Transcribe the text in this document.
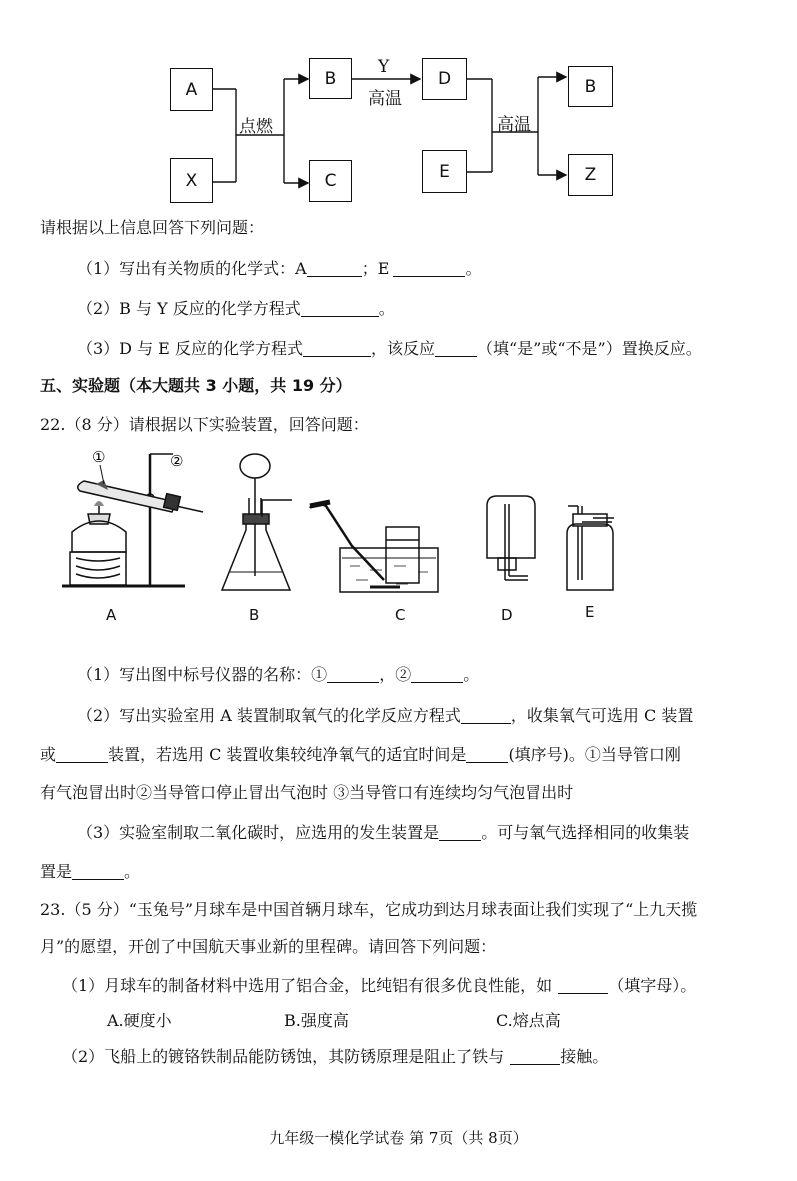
A
X
B
C
D
E
B
Z
点燃
Y
高温
高温
请根据以上信息回答下列问题：
（1）写出有关物质的化学式：A	；E	。
（2）B 与 Y 反应的化学方程式	。
（3）D 与 E 反应的化学方程式	，该反应	（填“是”或“不是”）置换反应。
五、实验题（本大题共 3 小题，共 19 分）
22.（8 分）请根据以下实验装置，回答问题：
①	②
A	B	C	D	E
（1）写出图中标号仪器的名称：①	，②	。
（2）写出实验室用 A 装置制取氧气的化学反应方程式	，收集氧气可选用 C 装置
或	装置，若选用 C 装置收集较纯净氧气的适宜时间是	(填序号)。①当导管口刚
有气泡冒出时②当导管口停止冒出气泡时 ③当导管口有连续均匀气泡冒出时
（3）实验室制取二氧化碳时，应选用的发生装置是	。可与氧气选择相同的收集装
置是	。
23.（5 分）“玉兔号”月球车是中国首辆月球车，它成功到达月球表面让我们实现了“上九天揽
月”的愿望，开创了中国航天事业新的里程碑。请回答下列问题：
（1）月球车的制备材料中选用了铝合金，比纯铝有很多优良性能，如	（填字母）。
A.硬度小	B.强度高	C.熔点高
（2）飞船上的镀铬铁制品能防锈蚀，其防锈原理是阻止了铁与	接触。
九年级一模化学试卷 第 7页（共 8页）
